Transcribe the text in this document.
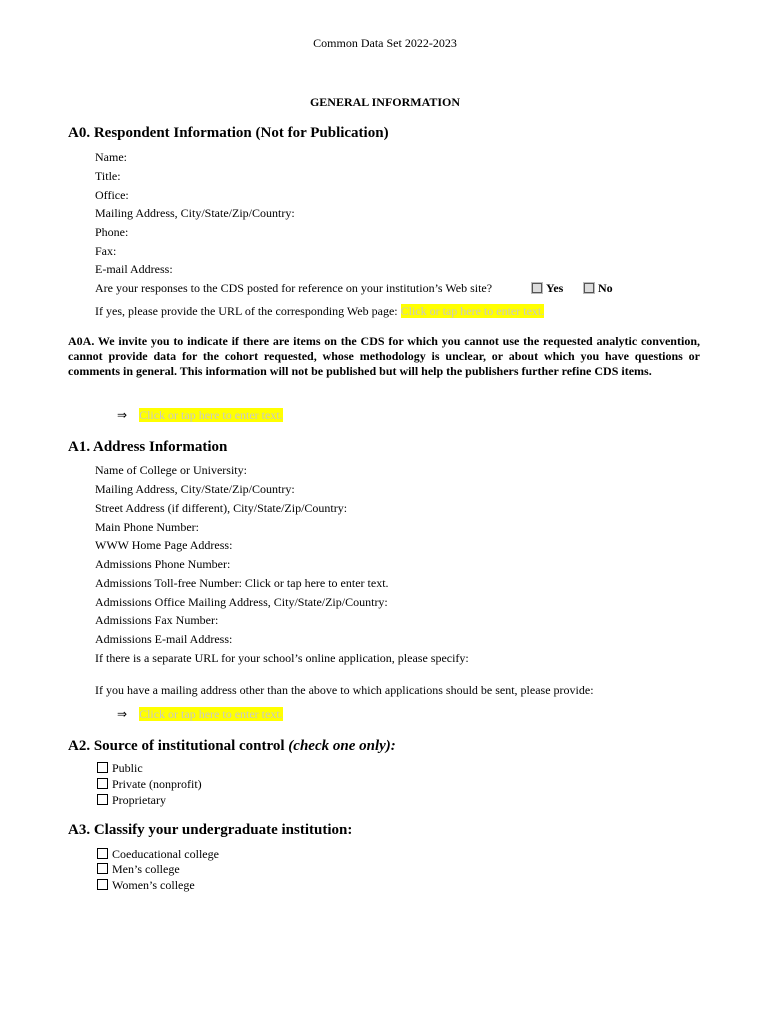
Common Data Set 2022-2023
GENERAL INFORMATION
A0. Respondent Information (Not for Publication)
Name:
Title:
Office:
Mailing Address, City/State/Zip/Country:
Phone:
Fax:
E-mail Address:
Are your responses to the CDS posted for reference on your institution’s Web site?	Yes	No
If yes, please provide the URL of the corresponding Web page: Click or tap here to enter text.
A0A. We invite you to indicate if there are items on the CDS for which you cannot use the requested analytic convention, cannot provide data for the cohort requested, whose methodology is unclear, or about which you have questions or comments in general. This information will not be published but will help the publishers further refine CDS items.
⇒ Click or tap here to enter text.
A1. Address Information
Name of College or University:
Mailing Address, City/State/Zip/Country:
Street Address (if different), City/State/Zip/Country:
Main Phone Number:
WWW Home Page Address:
Admissions Phone Number:
Admissions Toll-free Number: Click or tap here to enter text.
Admissions Office Mailing Address, City/State/Zip/Country:
Admissions Fax Number:
Admissions E-mail Address:
If there is a separate URL for your school’s online application, please specify:
If you have a mailing address other than the above to which applications should be sent, please provide:
⇒ Click or tap here to enter text.
A2. Source of institutional control (check one only):
Public
Private (nonprofit)
Proprietary
A3. Classify your undergraduate institution:
Coeducational college
Men’s college
Women’s college
